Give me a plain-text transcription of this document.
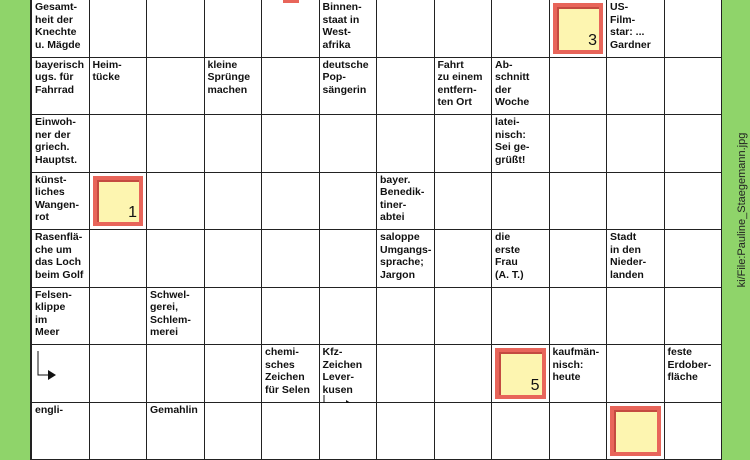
Gesamt-
heit der
Knechte
u. Mägde
Binnen-
staat in
West-
afrika	3
US-
Film-
star: ...
Gardner
bayerisch
ugs. für
Fahrrad
Heim-
tücke
kleine
Sprünge
machen
deutsche
Pop-
sängerin
Fahrt
zu einem
entfern-
ten Ort
Ab-
schnitt
der
Woche
Einwoh-
ner der
griech.
Hauptst.
latei-
nisch:
Sei ge-
grüßt!
künst-
liches
Wangen-
rot	1
bayer.
Benedik-
tiner-
abtei
Rasenflä-
che um
das Loch
beim Golf
saloppe
Umgangs-
sprache;
Jargon
die
erste
Frau
(A. T.)
Stadt
in den
Nieder-
landen
Felsen-
klippe
im
Meer
Schwel-
gerei,
Schlem-
merei
chemi-
sches
Zeichen
für Selen
Kfz-
Zeichen
Lever-
kusen	5
kaufmän-
nisch:
heute
feste
Erdober-
fläche
engli-	Gemahlin
ki/File:Pauline_Staegemann.jpg
